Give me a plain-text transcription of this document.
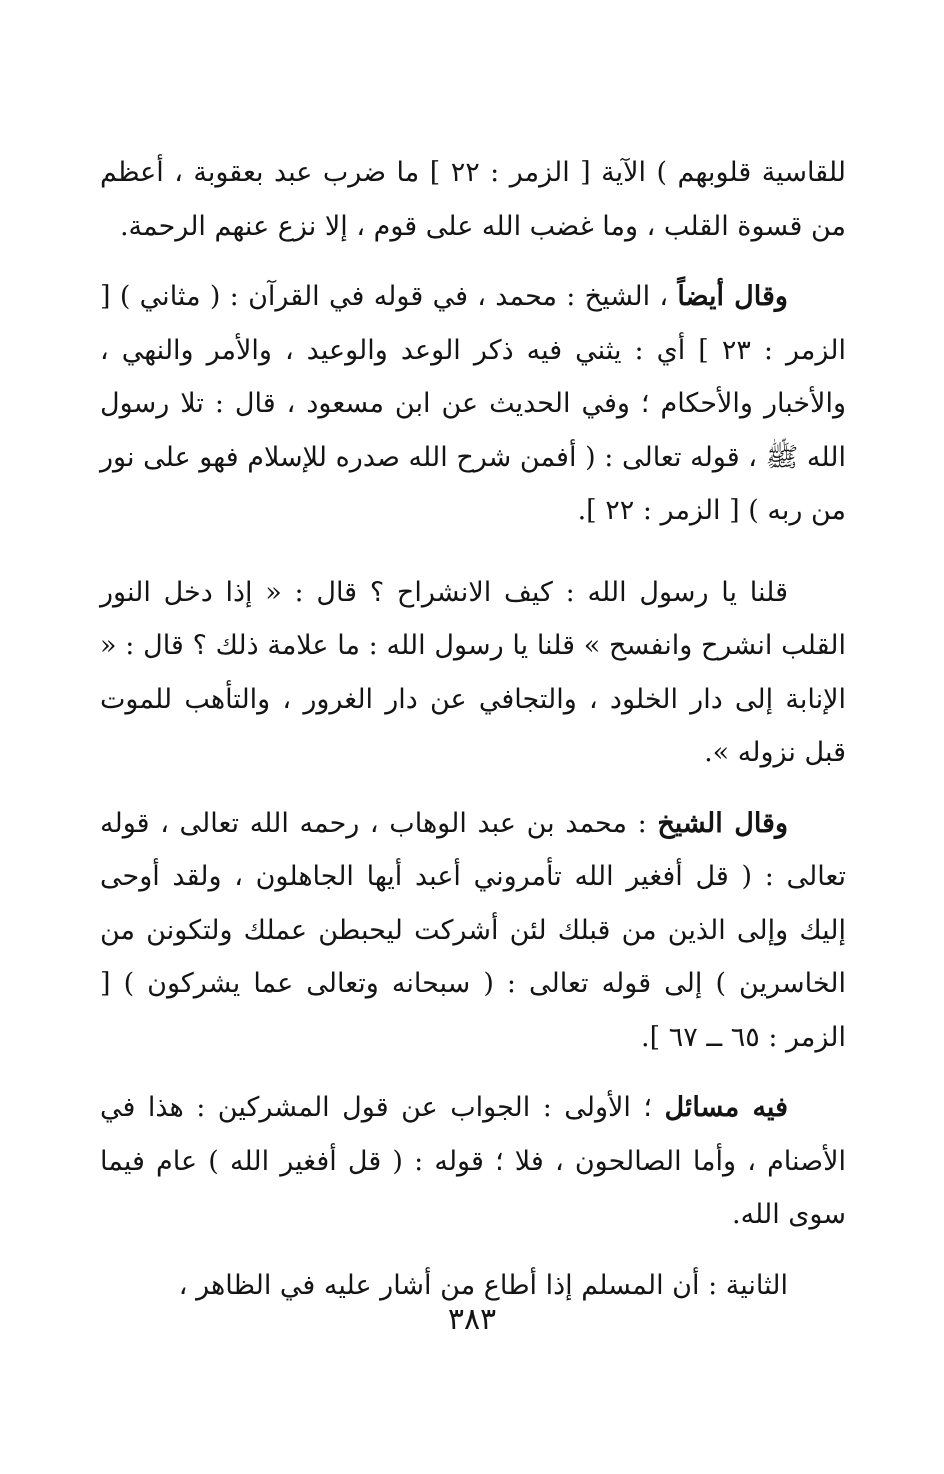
للقاسية قلوبهم ) الآية [ الزمر : ٢٢ ] ما ضرب عبد بعقوبة ، أعظم من قسوة القلب ، وما غضب الله على قوم ، إلا نزع عنهم الرحمة.

وقال أيضاً ، الشيخ : محمد ، في قوله في القرآن : ( مثاني ) [ الزمر : ٢٣ ] أي : يثني فيه ذكر الوعد والوعيد ، والأمر والنهي ، والأخبار والأحكام ؛ وفي الحديث عن ابن مسعود ، قال : تلا رسول الله ﷺ ، قوله تعالى : ( أفمن شرح الله صدره للإسلام فهو على نور من ربه ) [ الزمر : ٢٢ ].

قلنا يا رسول الله : كيف الانشراح ؟ قال : « إذا دخل النور القلب انشرح وانفسح » قلنا يا رسول الله : ما علامة ذلك ؟ قال : « الإنابة إلى دار الخلود ، والتجافي عن دار الغرور ، والتأهب للموت قبل نزوله ».

وقال الشيخ : محمد بن عبد الوهاب ، رحمه الله تعالى ، قوله تعالى : ( قل أفغير الله تأمروني أعبد أيها الجاهلون ، ولقد أوحى إليك وإلى الذين من قبلك لئن أشركت ليحبطن عملك ولتكونن من الخاسرين ) إلى قوله تعالى : ( سبحانه وتعالى عما يشركون ) [ الزمر : ٦٥ ــ ٦٧ ].

فيه مسائل ؛ الأولى : الجواب عن قول المشركين : هذا في الأصنام ، وأما الصالحون ، فلا ؛ قوله : ( قل أفغير الله ) عام فيما سوى الله.

الثانية : أن المسلم إذا أطاع من أشار عليه في الظاهر ،

٣٨٣
